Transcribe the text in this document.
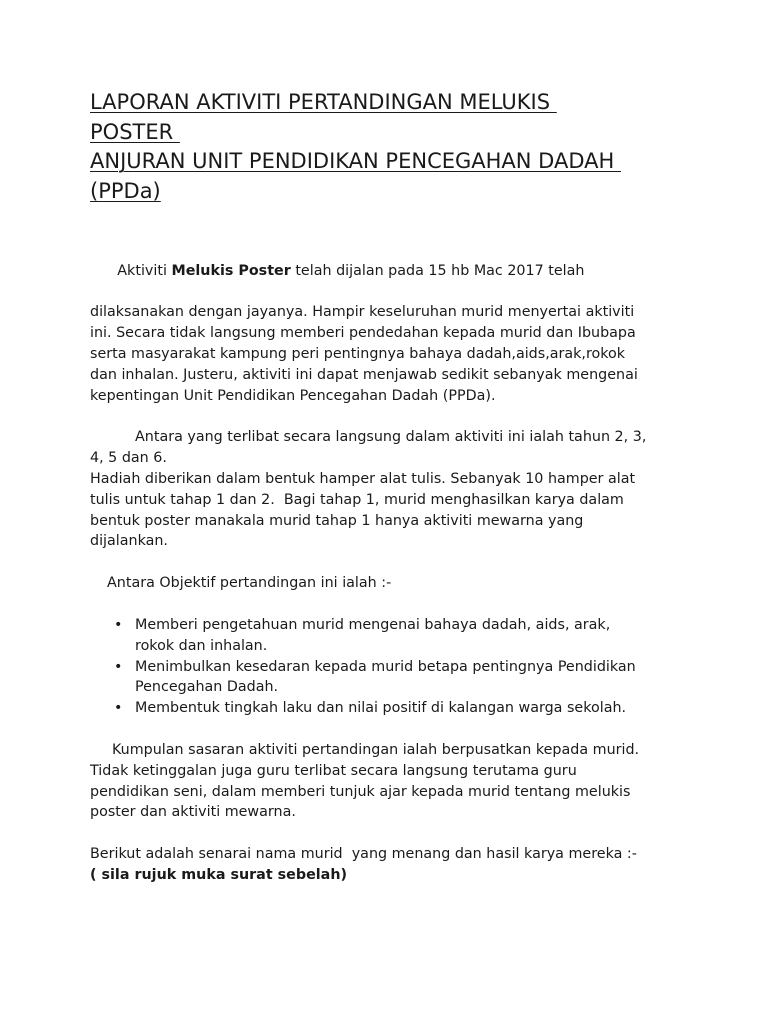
LAPORAN AKTIVITI PERTANDINGAN MELUKIS
POSTER
ANJURAN UNIT PENDIDIKAN PENCEGAHAN DADAH
(PPDa)

Aktiviti Melukis Poster telah dijalan pada 15 hb Mac 2017 telah

dilaksanakan dengan jayanya. Hampir keseluruhan murid menyertai aktiviti
ini. Secara tidak langsung memberi pendedahan kepada murid dan Ibubapa
serta masyarakat kampung peri pentingnya bahaya dadah,aids,arak,rokok
dan inhalan. Justeru, aktiviti ini dapat menjawab sedikit sebanyak mengenai
kepentingan Unit Pendidikan Pencegahan Dadah (PPDa).
Antara yang terlibat secara langsung dalam aktiviti ini ialah tahun 2, 3,
4, 5 dan 6.
Hadiah diberikan dalam bentuk hamper alat tulis. Sebanyak 10 hamper alat
tulis untuk tahap 1 dan 2.  Bagi tahap 1, murid menghasilkan karya dalam
bentuk poster manakala murid tahap 1 hanya aktiviti mewarna yang
dijalankan.
Antara Objektif pertandingan ini ialah :-
• Memberi pengetahuan murid mengenai bahaya dadah, aids, arak,
rokok dan inhalan.
• Menimbulkan kesedaran kepada murid betapa pentingnya Pendidikan
Pencegahan Dadah.
• Membentuk tingkah laku dan nilai positif di kalangan warga sekolah.
Kumpulan sasaran aktiviti pertandingan ialah berpusatkan kepada murid.
Tidak ketinggalan juga guru terlibat secara langsung terutama guru
pendidikan seni, dalam memberi tunjuk ajar kepada murid tentang melukis
poster dan aktiviti mewarna.
Berikut adalah senarai nama murid  yang menang dan hasil karya mereka :-
( sila rujuk muka surat sebelah)
